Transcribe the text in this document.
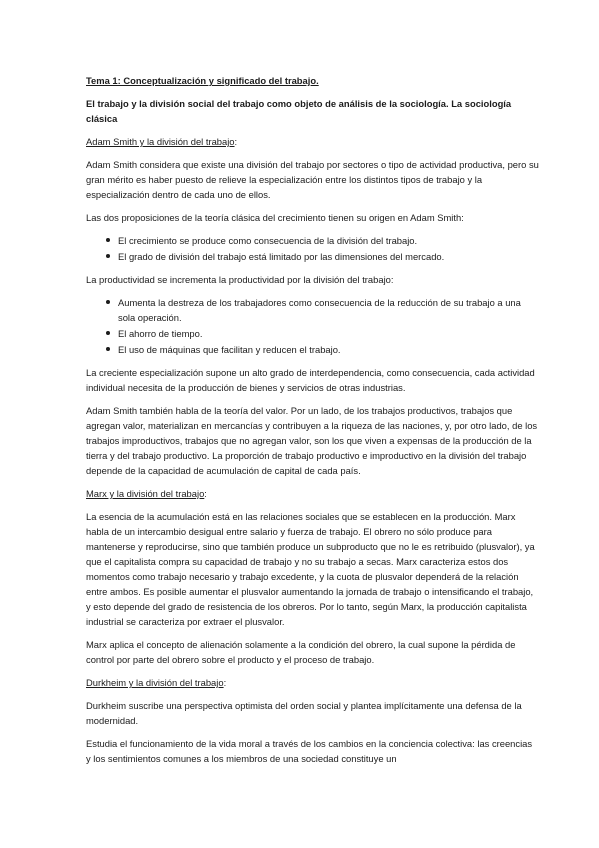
Tema 1: Conceptualización y significado del trabajo.
El trabajo y la división social del trabajo como objeto de análisis de la sociología. La sociología clásica
Adam Smith y la división del trabajo:

Adam Smith considera que existe una división del trabajo por sectores o tipo de actividad productiva, pero su gran mérito es haber puesto de relieve la especialización entre los distintos tipos de trabajo y la especialización dentro de cada uno de ellos.

Las dos proposiciones de la teoría clásica del crecimiento tienen su origen en Adam Smith:

El crecimiento se produce como consecuencia de la división del trabajo.
El grado de división del trabajo está limitado por las dimensiones del mercado.

La productividad se incrementa la productividad por la división del trabajo:

Aumenta la destreza de los trabajadores como consecuencia de la reducción de su trabajo a una sola operación.
El ahorro de tiempo.
El uso de máquinas que facilitan y reducen el trabajo.

La creciente especialización supone un alto grado de interdependencia, como consecuencia, cada actividad individual necesita de la producción de bienes y servicios de otras industrias.

Adam Smith también habla de la teoría del valor. Por un lado, de los trabajos productivos, trabajos que agregan valor, materializan en mercancías y contribuyen a la riqueza de las naciones, y, por otro lado, de los trabajos improductivos, trabajos que no agregan valor, son los que viven a expensas de la producción de la tierra y del trabajo productivo. La proporción de trabajo productivo e improductivo en la división del trabajo depende de la capacidad de acumulación de capital de cada país.

Marx y la división del trabajo:

La esencia de la acumulación está en las relaciones sociales que se establecen en la producción. Marx habla de un intercambio desigual entre salario y fuerza de trabajo. El obrero no sólo produce para mantenerse y reproducirse, sino que también produce un subproducto que no le es retribuido (plusvalor), ya que el capitalista compra su capacidad de trabajo y no su trabajo a secas. Marx caracteriza estos dos momentos como trabajo necesario y trabajo excedente, y la cuota de plusvalor dependerá de la relación entre ambos. Es posible aumentar el plusvalor aumentando la jornada de trabajo o intensificando el trabajo, y esto depende del grado de resistencia de los obreros. Por lo tanto, según Marx, la producción capitalista industrial se caracteriza por extraer el plusvalor.

Marx aplica el concepto de alienación solamente a la condición del obrero, la cual supone la pérdida de control por parte del obrero sobre el producto y el proceso de trabajo.

Durkheim y la división del trabajo:

Durkheim suscribe una perspectiva optimista del orden social y plantea implícitamente una defensa de la modernidad.

Estudia el funcionamiento de la vida moral a través de los cambios en la conciencia colectiva: las creencias y los sentimientos comunes a los miembros de una sociedad constituye un
